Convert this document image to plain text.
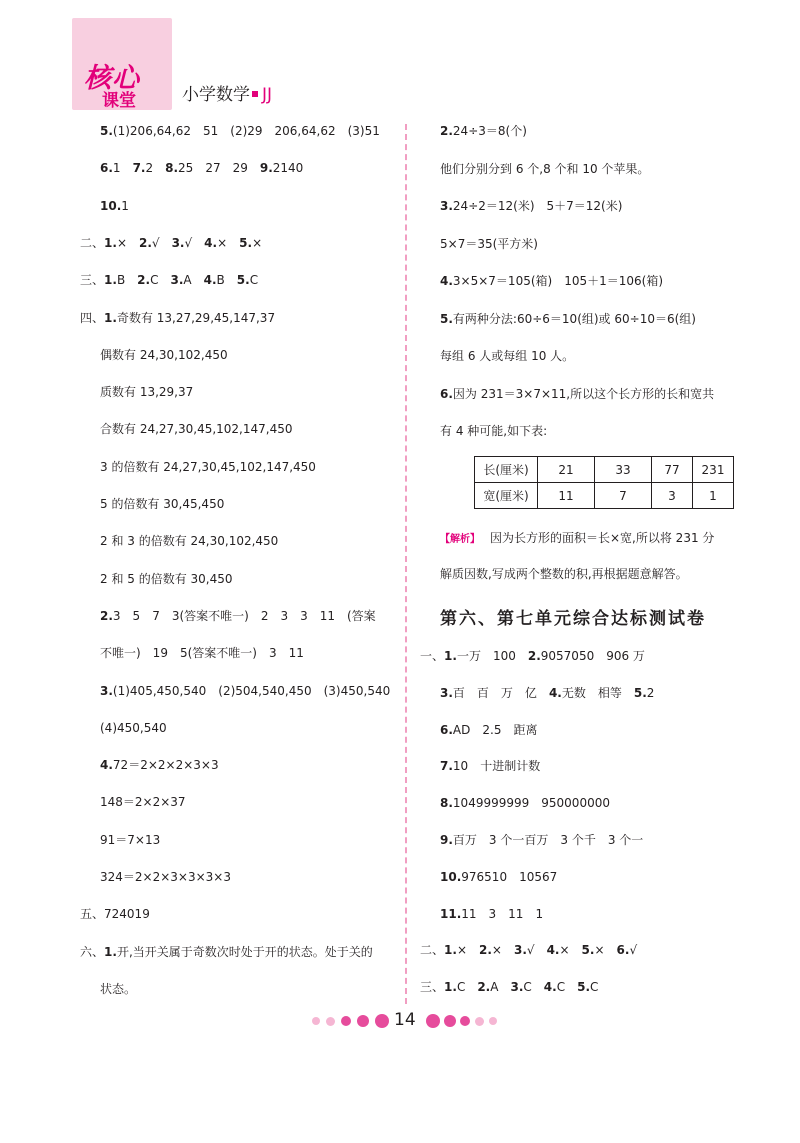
核心
课堂	小学数学 JJ
5.(1)206,64,62　51　(2)29　206,64,62　(3)51
6.1　7.2　8.25　27　29　9.2140
10.1
二、1.×　2.√　3.√　4.×　5.×
三、1.B　2.C　3.A　4.B　5.C
四、1.奇数有 13,27,29,45,147,37
偶数有 24,30,102,450
质数有 13,29,37
合数有 24,27,30,45,102,147,450
3 的倍数有 24,27,30,45,102,147,450
5 的倍数有 30,45,450
2 和 3 的倍数有 24,30,102,450
2 和 5 的倍数有 30,450
2.3　5　7　3(答案不唯一)　2　3　3　11　(答案
不唯一)　19　5(答案不唯一)　3　11
3.(1)405,450,540　(2)504,540,450　(3)450,540
(4)450,540
4.72＝2×2×2×3×3
148＝2×2×37
91＝7×13
324＝2×2×3×3×3×3
五、724019
六、1.开,当开关属于奇数次时处于开的状态。处于关的
状态。
2.24÷3＝8(个)
他们分别分到 6 个,8 个和 10 个苹果。
3.24÷2＝12(米)　5＋7＝12(米)
5×7＝35(平方米)
4.3×5×7＝105(箱)　105＋1＝106(箱)
5.有两种分法:60÷6＝10(组)或 60÷10＝6(组)
每组 6 人或每组 10 人。
6.因为 231＝3×7×11,所以这个长方形的长和宽共
有 4 种可能,如下表:
长(厘米)	21	33	77	231
宽(厘米)	11	7	3	1
【解析】 因为长方形的面积＝长×宽,所以将 231 分
解质因数,写成两个整数的积,再根据题意解答。
第六、第七单元综合达标测试卷
一、1.一万　100　2.9057050　906 万
3.百　百　万　亿　4.无数　相等　5.2
6.AD　2.5　距离
7.10　十进制计数
8.1049999999　950000000
9.百万　3 个一百万　3 个千　3 个一
10.976510　10567
11.11　3　11　1
二、1.×　2.×　3.√　4.×　5.×　6.√
三、1.C　2.A　3.C　4.C　5.C
14
